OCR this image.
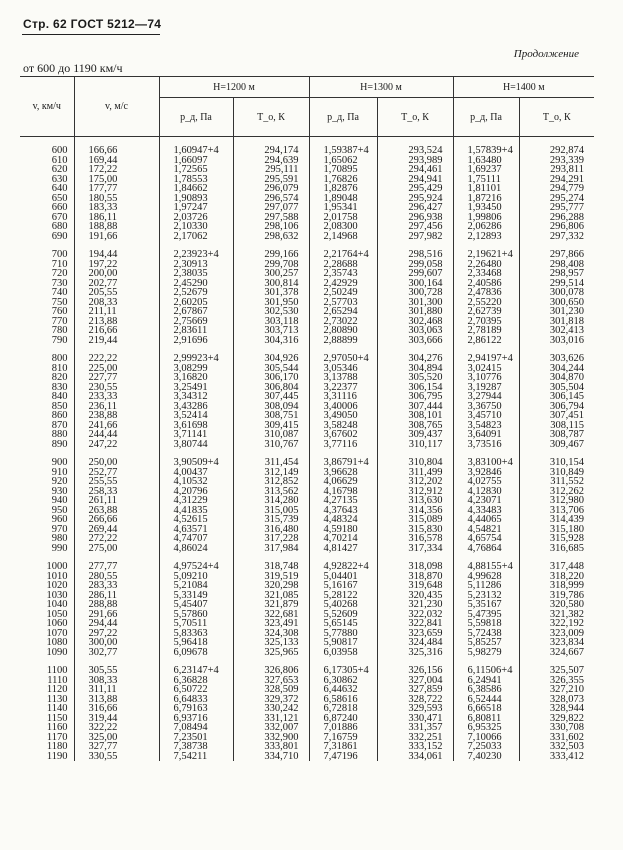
Стр. 62 ГОСТ 5212—74
Продолжение
от 600 до 1190 км/ч
v, км/ч	v, м/с	H=1200 м		H=1300 м		H=1400 м	
		p_д, Па	T_о, К	p_д, Па	T_о, К	p_д, Па	T_о, К

600	166,66	1,60947+4	294,174	1,59387+4	293,524	1,57839+4	292,874
610	169,44	1,66097	294,639	1,65062	293,989	1,63480	293,339
620	172,22	1,72565	295,111	1,70895	294,461	1,69237	293,811
630	175,00	1,78553	295,591	1,76826	294,941	1,75111	294,291
640	177,77	1,84662	296,079	1,82876	295,429	1,81101	294,779
650	180,55	1,90893	296,574	1,89048	295,924	1,87216	295,274
660	183,33	1,97247	297,077	1,95341	296,427	1,93450	295,777
670	186,11	2,03726	297,588	2,01758	296,938	1,99806	296,288
680	188,88	2,10330	298,106	2,08300	297,456	2,06286	296,806
690	191,66	2,17062	298,632	2,14968	297,982	2,12893	297,332

700	194,44	2,23923+4	299,166	2,21764+4	298,516	2,19621+4	297,866
710	197,22	2,30913	299,708	2,28688	299,058	2,26480	298,408
720	200,00	2,38035	300,257	2,35743	299,607	2,33468	298,957
730	202,77	2,45290	300,814	2,42929	300,164	2,40586	299,514
740	205,55	2,52679	301,378	2,50249	300,728	2,47836	300,078
750	208,33	2,60205	301,950	2,57703	301,300	2,55220	300,650
760	211,11	2,67867	302,530	2,65294	301,880	2,62739	301,230
770	213,88	2,75669	303,118	2,73022	302,468	2,70395	301,818
780	216,66	2,83611	303,713	2,80890	303,063	2,78189	302,413
790	219,44	2,91696	304,316	2,88899	303,666	2,86122	303,016

800	222,22	2,99923+4	304,926	2,97050+4	304,276	2,94197+4	303,626
810	225,00	3,08299	305,544	3,05346	304,894	3,02415	304,244
820	227,77	3,16820	306,170	3,13788	305,520	3,10776	304,870
830	230,55	3,25491	306,804	3,22377	306,154	3,19287	305,504
840	233,33	3,34312	307,445	3,31116	306,795	3,27944	306,145
850	236,11	3,43286	308,094	3,40006	307,444	3,36750	306,794
860	238,88	3,52414	308,751	3,49050	308,101	3,45710	307,451
870	241,66	3,61698	309,415	3,58248	308,765	3,54823	308,115
880	244,44	3,71141	310,087	3,67602	309,437	3,64091	308,787
890	247,22	3,80744	310,767	3,77116	310,117	3,73516	309,467

900	250,00	3,90509+4	311,454	3,86791+4	310,804	3,83100+4	310,154
910	252,77	4,00437	312,149	3,96628	311,499	3,92846	310,849
920	255,55	4,10532	312,852	4,06629	312,202	4,02755	311,552
930	258,33	4,20796	313,562	4,16798	312,912	4,12830	312,262
940	261,11	4,31229	314,280	4,27135	313,630	4,23071	312,980
950	263,88	4,41835	315,005	4,37643	314,356	4,33483	313,706
960	266,66	4,52615	315,739	4,48324	315,089	4,44065	314,439
970	269,44	4,63571	316,480	4,59180	315,830	4,54821	315,180
980	272,22	4,74707	317,228	4,70214	316,578	4,65754	315,928
990	275,00	4,86024	317,984	4,81427	317,334	4,76864	316,685

1000	277,77	4,97524+4	318,748	4,92822+4	318,098	4,88155+4	317,448
1010	280,55	5,09210	319,519	5,04401	318,870	4,99628	318,220
1020	283,33	5,21084	320,298	5,16167	319,648	5,11286	318,999
1030	286,11	5,33149	321,085	5,28122	320,435	5,23132	319,786
1040	288,88	5,45407	321,879	5,40268	321,230	5,35167	320,580
1050	291,66	5,57860	322,681	5,52609	322,032	5,47395	321,382
1060	294,44	5,70511	323,491	5,65145	322,841	5,59818	322,192
1070	297,22	5,83363	324,308	5,77880	323,659	5,72438	323,009
1080	300,00	5,96418	325,133	5,90817	324,484	5,85257	323,834
1090	302,77	6,09678	325,965	6,03958	325,316	5,98279	324,667

1100	305,55	6,23147+4	326,806	6,17305+4	326,156	6,11506+4	325,507
1110	308,33	6,36828	327,653	6,30862	327,004	6,24941	326,355
1120	311,11	6,50722	328,509	6,44632	327,859	6,38586	327,210
1130	313,88	6,64833	329,372	6,58616	328,722	6,52444	328,073
1140	316,66	6,79163	330,242	6,72818	329,593	6,66518	328,944
1150	319,44	6,93716	331,121	6,87240	330,471	6,80811	329,822
1160	322,22	7,08494	332,007	7,01886	331,357	6,95325	330,708
1170	325,00	7,23501	332,900	7,16759	332,251	7,10066	331,602
1180	327,77	7,38738	333,801	7,31861	333,152	7,25033	332,503
1190	330,55	7,54211	334,710	7,47196	334,061	7,40230	333,412
